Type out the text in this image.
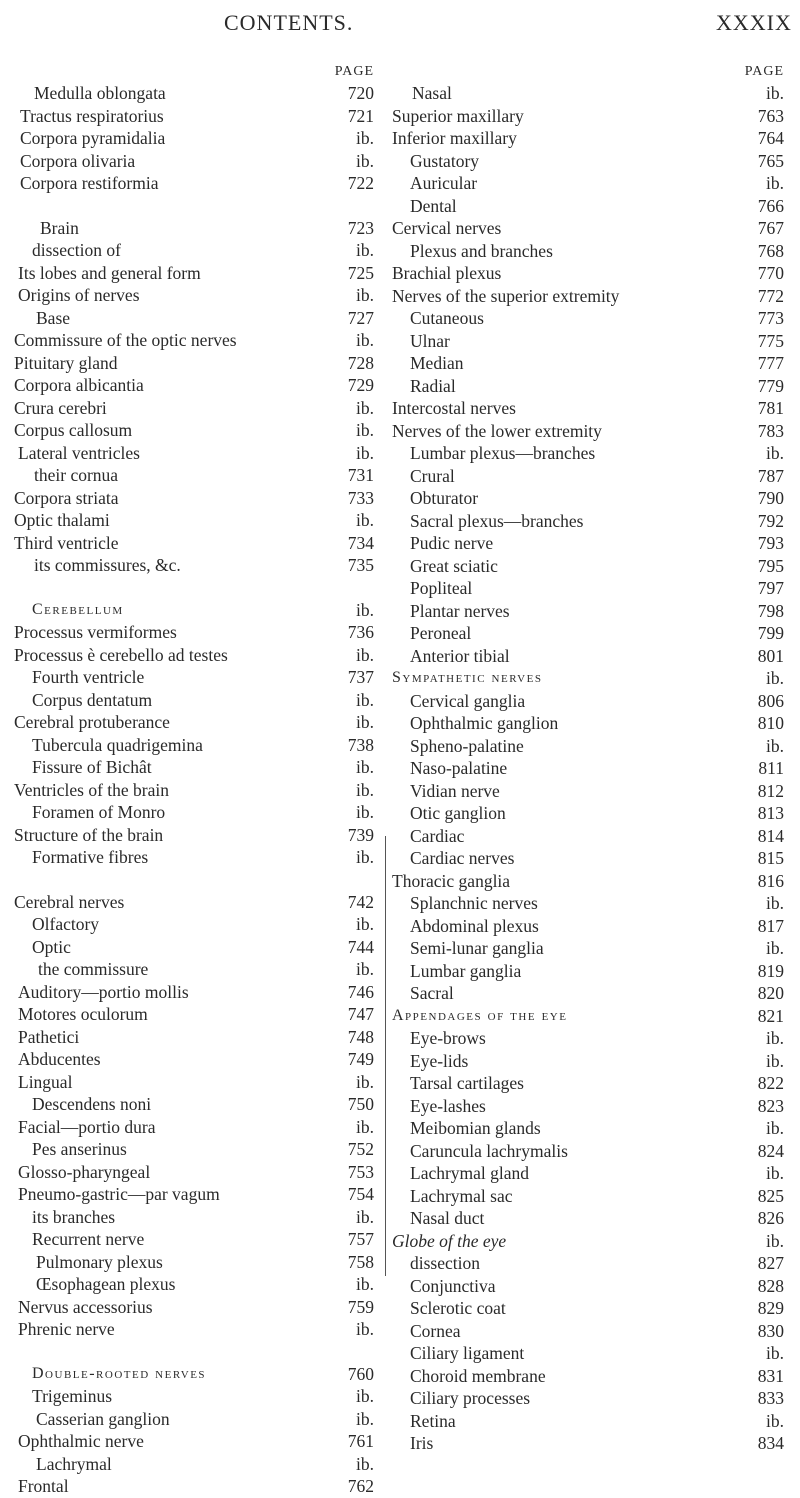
CONTENTS.	XXXIX
PAGE
Medulla oblongata	720
Tractus respiratorius	721
Corpora pyramidalia	ib.
Corpora olivaria	ib.
Corpora restiformia	722
Brain	723
dissection of	ib.
Its lobes and general form	725
Origins of nerves	ib.
Base	727
Commissure of the optic nerves	ib.
Pituitary gland	728
Corpora albicantia	729
Crura cerebri	ib.
Corpus callosum	ib.
Lateral ventricles	ib.
their cornua	731
Corpora striata	733
Optic thalami	ib.
Third ventricle	734
its commissures, &c.	735
Cerebellum	ib.
Processus vermiformes	736
Processus è cerebello ad testes	ib.
Fourth ventricle	737
Corpus dentatum	ib.
Cerebral protuberance	ib.
Tubercula quadrigemina	738
Fissure of Bichât	ib.
Ventricles of the brain	ib.
Foramen of Monro	ib.
Structure of the brain	739
Formative fibres	ib.
Cerebral nerves	742
Olfactory	ib.
Optic	744
the commissure	ib.
Auditory—portio mollis	746
Motores oculorum	747
Pathetici	748
Abducentes	749
Lingual	ib.
Descendens noni	750
Facial—portio dura	ib.
Pes anserinus	752
Glosso-pharyngeal	753
Pneumo-gastric—par vagum	754
its branches	ib.
Recurrent nerve	757
Pulmonary plexus	758
Œsophagean plexus	ib.
Nervus accessorius	759
Phrenic nerve	ib.
Double-rooted nerves	760
Trigeminus	ib.
Casserian ganglion	ib.
Ophthalmic nerve	761
Lachrymal	ib.
Frontal	762
PAGE
Nasal	ib.
Superior maxillary	763
Inferior maxillary	764
Gustatory	765
Auricular	ib.
Dental	766
Cervical nerves	767
Plexus and branches	768
Brachial plexus	770
Nerves of the superior extremity	772
Cutaneous	773
Ulnar	775
Median	777
Radial	779
Intercostal nerves	781
Nerves of the lower extremity	783
Lumbar plexus—branches	ib.
Crural	787
Obturator	790
Sacral plexus—branches	792
Pudic nerve	793
Great sciatic	795
Popliteal	797
Plantar nerves	798
Peroneal	799
Anterior tibial	801
Sympathetic nerves	ib.
Cervical ganglia	806
Ophthalmic ganglion	810
Spheno-palatine	ib.
Naso-palatine	811
Vidian nerve	812
Otic ganglion	813
Cardiac	814
Cardiac nerves	815
Thoracic ganglia	816
Splanchnic nerves	ib.
Abdominal plexus	817
Semi-lunar ganglia	ib.
Lumbar ganglia	819
Sacral	820
Appendages of the eye	821
Eye-brows	ib.
Eye-lids	ib.
Tarsal cartilages	822
Eye-lashes	823
Meibomian glands	ib.
Caruncula lachrymalis	824
Lachrymal gland	ib.
Lachrymal sac	825
Nasal duct	826
Globe of the eye	ib.
dissection	827
Conjunctiva	828
Sclerotic coat	829
Cornea	830
Ciliary ligament	ib.
Choroid membrane	831
Ciliary processes	833
Retina	ib.
Iris	834
